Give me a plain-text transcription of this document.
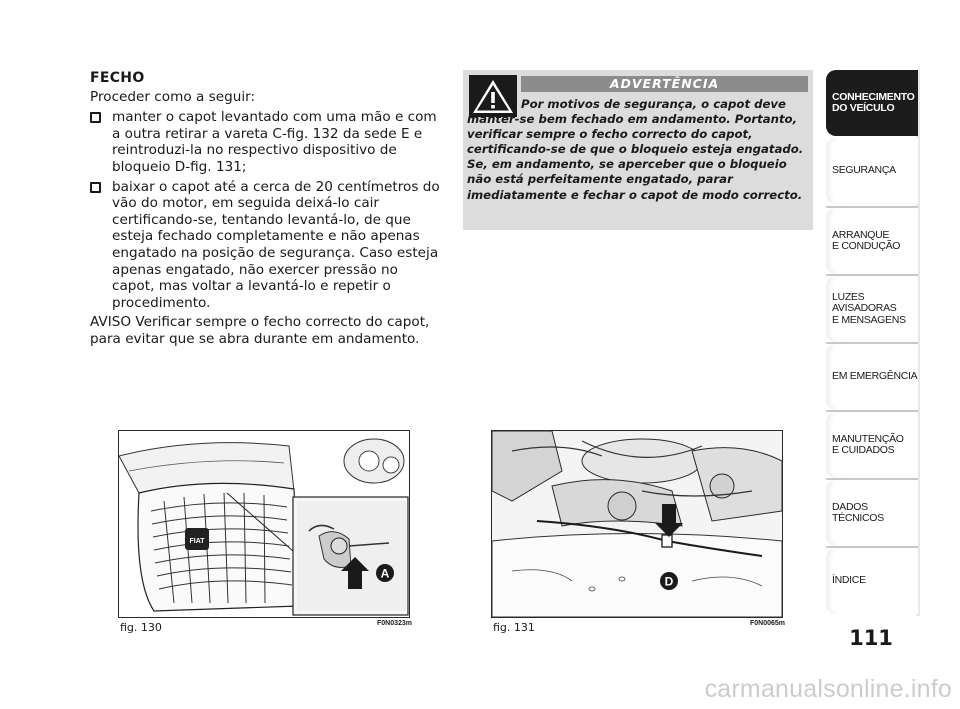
FECHO
Proceder como a seguir:
manter o capot levantado com uma mão e com a outra retirar a vareta C-fig. 132 da sede E e reintroduzi-la no respectivo dispositivo de bloqueio D-fig. 131;
baixar o capot até a cerca de 20 centímetros do vão do motor, em seguida deixá-lo cair certificando-se, tentando levantá-lo, de que esteja fechado completamente e não apenas engatado na posição de segurança. Caso esteja apenas engatado, não exercer pressão no capot, mas voltar a levantá-lo e repetir o procedimento.
AVISO Verificar sempre o fecho correcto do capot, para evitar que se abra durante em andamento.
ADVERTÊNCIA
Por motivos de segurança, o capot deve manter-se bem fechado em andamento. Portanto, verificar sempre o fecho correcto do capot, certificando-se de que o bloqueio esteja engatado. Se, em andamento, se aperceber que o bloqueio não está perfeitamente engatado, parar imediatamente e fechar o capot de modo correcto.
FIAT
A
fig. 130	F0N0323m
D
fig. 131	F0N0065m
CONHECIMENTO
DO VEÍCULO
SEGURANÇA
ARRANQUE
E CONDUÇÃO
LUZES
AVISADORAS
E MENSAGENS
EM EMERGÊNCIA
MANUTENÇÃO
E CUIDADOS
DADOS
TÉCNICOS
ÍNDICE
111
carmanualsonline.info
